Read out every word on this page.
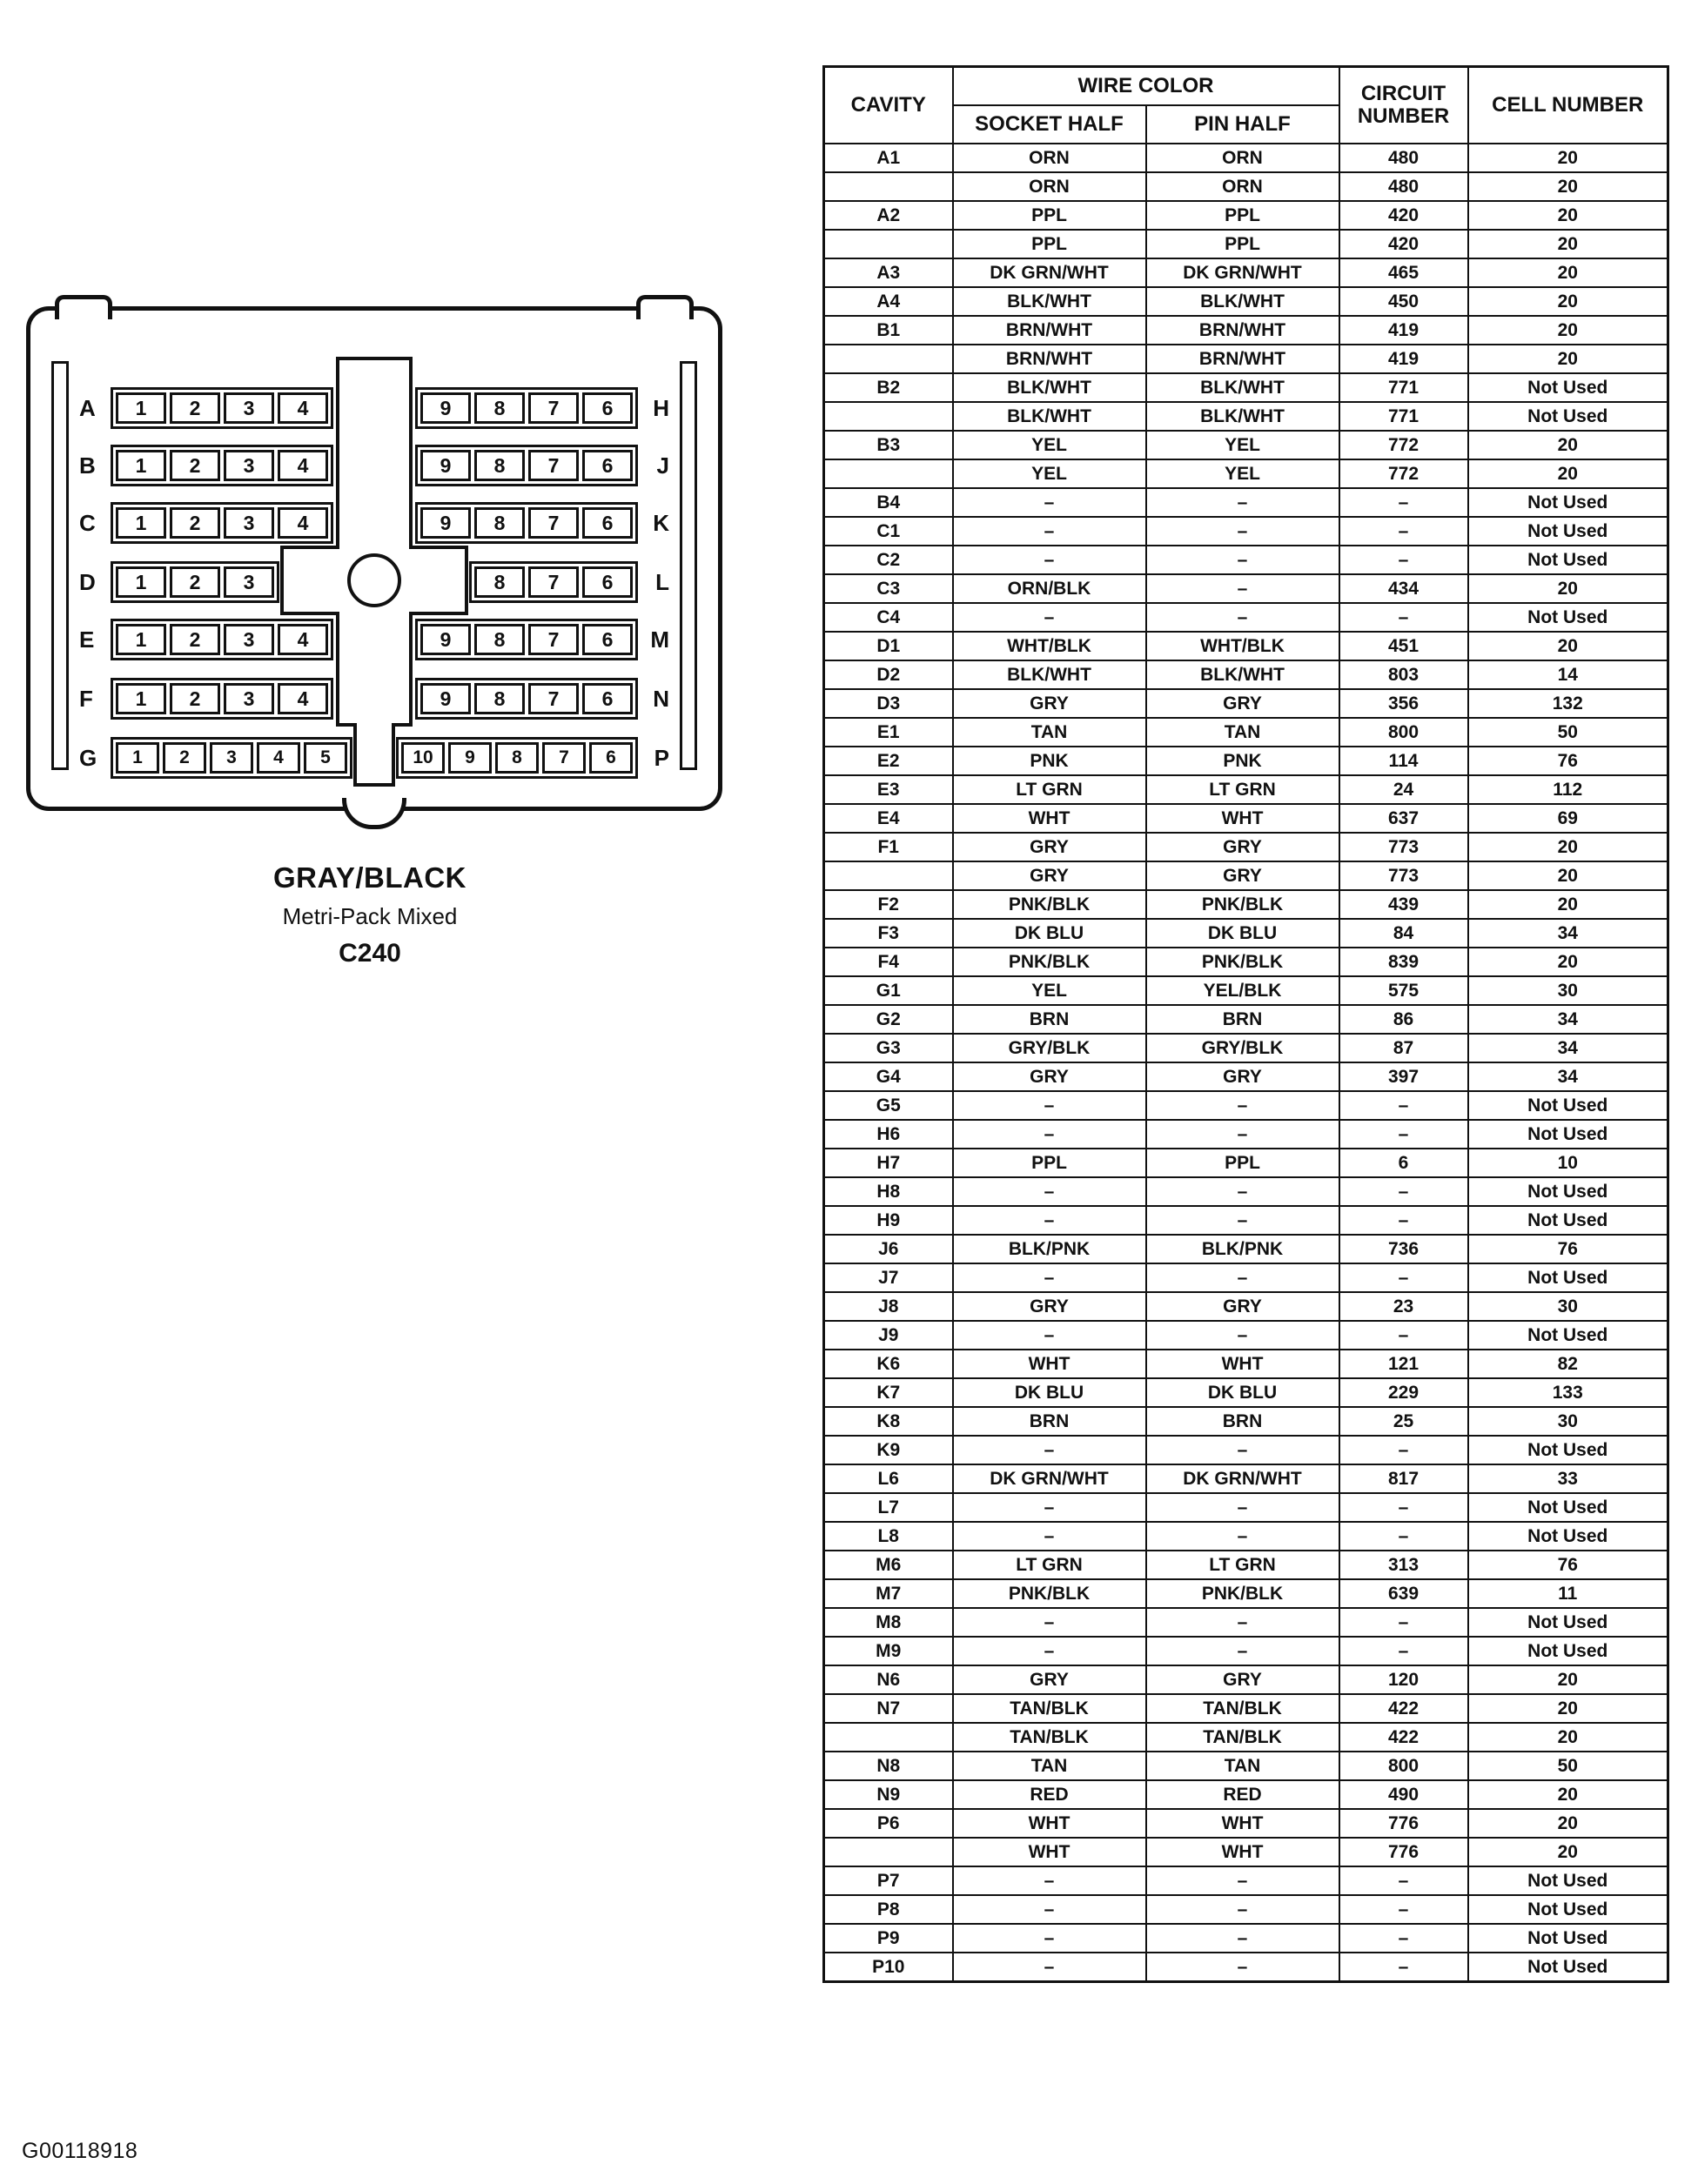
A	1	2	3	4	9	8	7	6	H
B	1	2	3	4	9	8	7	6	J
C	1	2	3	4	9	8	7	6	K
D	1	2	3	8	7	6	L
E	1	2	3	4	9	8	7	6	M
F	1	2	3	4	9	8	7	6	N
G	1	2	3	4	5	10	9	8	7	6	P
GRAY/BLACK
Metri-Pack Mixed
C240
CAVITY	WIRE COLOR		CIRCUIT NUMBER	CELL NUMBER
	SOCKET HALF	PIN HALF		
A1	ORN	ORN	480	20
	ORN	ORN	480	20
A2	PPL	PPL	420	20
	PPL	PPL	420	20
A3	DK GRN/WHT	DK GRN/WHT	465	20
A4	BLK/WHT	BLK/WHT	450	20
B1	BRN/WHT	BRN/WHT	419	20
	BRN/WHT	BRN/WHT	419	20
B2	BLK/WHT	BLK/WHT	771	Not Used
	BLK/WHT	BLK/WHT	771	Not Used
B3	YEL	YEL	772	20
	YEL	YEL	772	20
B4	–	–	–	Not Used
C1	–	–	–	Not Used
C2	–	–	–	Not Used
C3	ORN/BLK	–	434	20
C4	–	–	–	Not Used
D1	WHT/BLK	WHT/BLK	451	20
D2	BLK/WHT	BLK/WHT	803	14
D3	GRY	GRY	356	132
E1	TAN	TAN	800	50
E2	PNK	PNK	114	76
E3	LT GRN	LT GRN	24	112
E4	WHT	WHT	637	69
F1	GRY	GRY	773	20
	GRY	GRY	773	20
F2	PNK/BLK	PNK/BLK	439	20
F3	DK BLU	DK BLU	84	34
F4	PNK/BLK	PNK/BLK	839	20
G1	YEL	YEL/BLK	575	30
G2	BRN	BRN	86	34
G3	GRY/BLK	GRY/BLK	87	34
G4	GRY	GRY	397	34
G5	–	–	–	Not Used
H6	–	–	–	Not Used
H7	PPL	PPL	6	10
H8	–	–	–	Not Used
H9	–	–	–	Not Used
J6	BLK/PNK	BLK/PNK	736	76
J7	–	–	–	Not Used
J8	GRY	GRY	23	30
J9	–	–	–	Not Used
K6	WHT	WHT	121	82
K7	DK BLU	DK BLU	229	133
K8	BRN	BRN	25	30
K9	–	–	–	Not Used
L6	DK GRN/WHT	DK GRN/WHT	817	33
L7	–	–	–	Not Used
L8	–	–	–	Not Used
M6	LT GRN	LT GRN	313	76
M7	PNK/BLK	PNK/BLK	639	11
M8	–	–	–	Not Used
M9	–	–	–	Not Used
N6	GRY	GRY	120	20
N7	TAN/BLK	TAN/BLK	422	20
	TAN/BLK	TAN/BLK	422	20
N8	TAN	TAN	800	50
N9	RED	RED	490	20
P6	WHT	WHT	776	20
	WHT	WHT	776	20
P7	–	–	–	Not Used
P8	–	–	–	Not Used
P9	–	–	–	Not Used
P10	–	–	–	Not Used
G00118918
